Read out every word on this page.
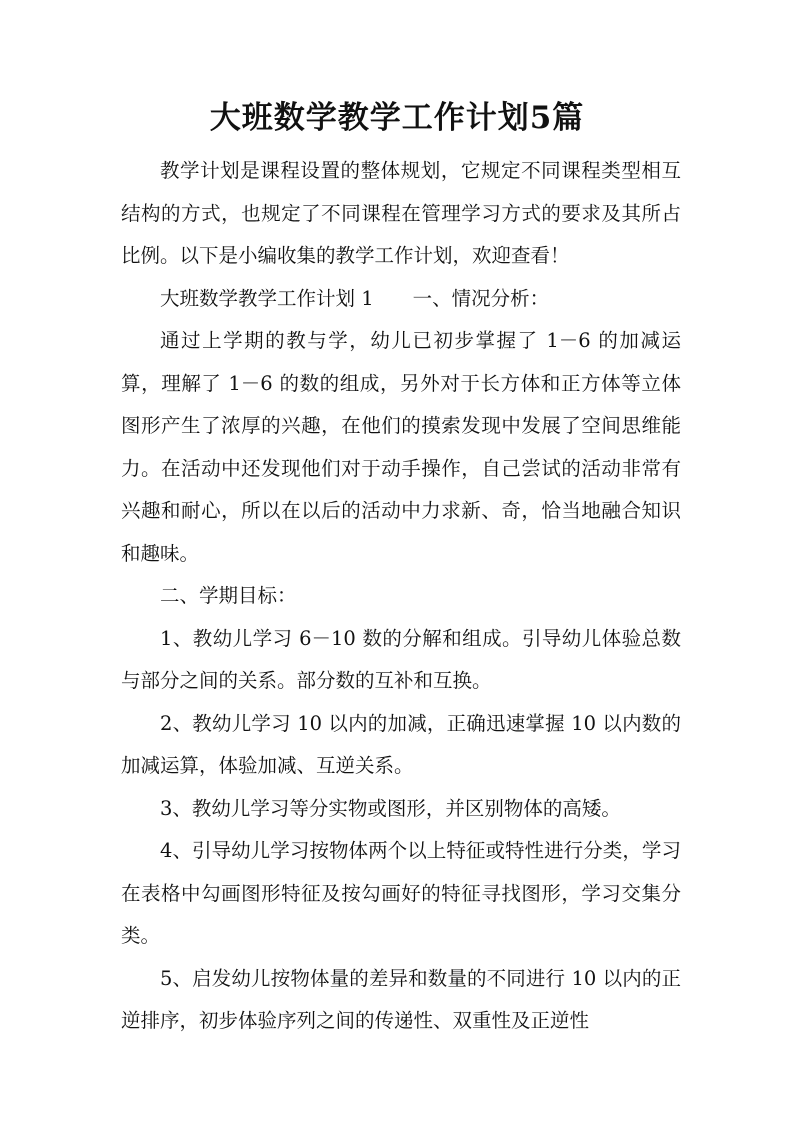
大班数学教学工作计划5篇

教学计划是课程设置的整体规划，它规定不同课程类型相互结构的方式，也规定了不同课程在管理学习方式的要求及其所占比例。以下是小编收集的教学工作计划，欢迎查看！

大班数学教学工作计划 1　　一、情况分析：

通过上学期的教与学，幼儿已初步掌握了 1－6 的加减运算，理解了 1－6 的数的组成，另外对于长方体和正方体等立体图形产生了浓厚的兴趣，在他们的摸索发现中发展了空间思维能力。在活动中还发现他们对于动手操作，自己尝试的活动非常有兴趣和耐心，所以在以后的活动中力求新、奇，恰当地融合知识和趣味。

二、学期目标：

1、教幼儿学习 6－10 数的分解和组成。引导幼儿体验总数与部分之间的关系。部分数的互补和互换。

2、教幼儿学习 10 以内的加减，正确迅速掌握 10 以内数的加减运算，体验加减、互逆关系。

3、教幼儿学习等分实物或图形，并区别物体的高矮。

4、引导幼儿学习按物体两个以上特征或特性进行分类，学习在表格中勾画图形特征及按勾画好的特征寻找图形，学习交集分类。

5、启发幼儿按物体量的差异和数量的不同进行 10 以内的正逆排序，初步体验序列之间的传递性、双重性及正逆性
